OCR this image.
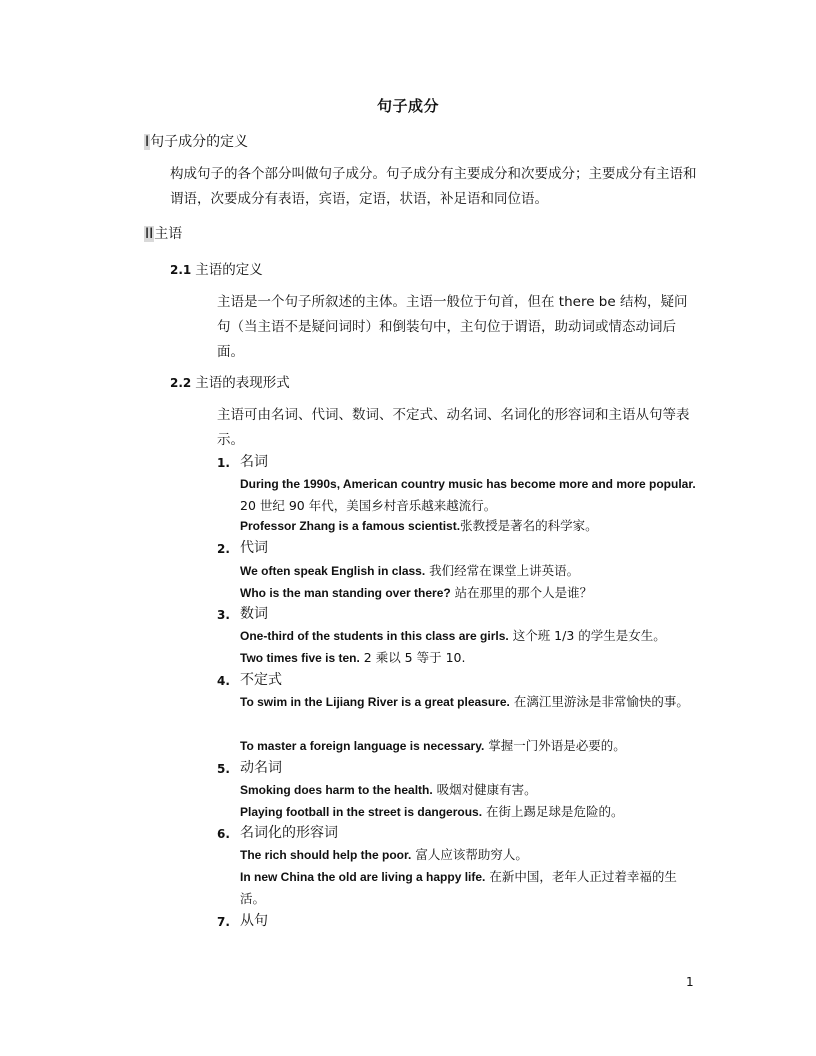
句子成分
I句子成分的定义
构成句子的各个部分叫做句子成分。句子成分有主要成分和次要成分；主要成分有主语和谓语，次要成分有表语，宾语，定语，状语，补足语和同位语。
II主语
2.1 主语的定义
主语是一个句子所叙述的主体。主语一般位于句首，但在 there be 结构，疑问句（当主语不是疑问词时）和倒装句中，主句位于谓语，助动词或情态动词后面。
2.2 主语的表现形式
主语可由名词、代词、数词、不定式、动名词、名词化的形容词和主语从句等表示。
1. 名词
During the 1990s, American country music has become more and more popular. 20 世纪 90 年代，美国乡村音乐越来越流行。
Professor Zhang is a famous scientist.张教授是著名的科学家。
2. 代词
We often speak English in class. 我们经常在课堂上讲英语。
Who is the man standing over there? 站在那里的那个人是谁？
3. 数词
One-third of the students in this class are girls. 这个班 1/3 的学生是女生。
Two times five is ten. 2 乘以 5 等于 10.
4. 不定式
To swim in the Lijiang River is a great pleasure. 在漓江里游泳是非常愉快的事。
To master a foreign language is necessary. 掌握一门外语是必要的。
5. 动名词
Smoking does harm to the health. 吸烟对健康有害。
Playing football in the street is dangerous. 在街上踢足球是危险的。
6. 名词化的形容词
The rich should help the poor. 富人应该帮助穷人。
In new China the old are living a happy life. 在新中国，老年人正过着幸福的生活。
7. 从句
1
